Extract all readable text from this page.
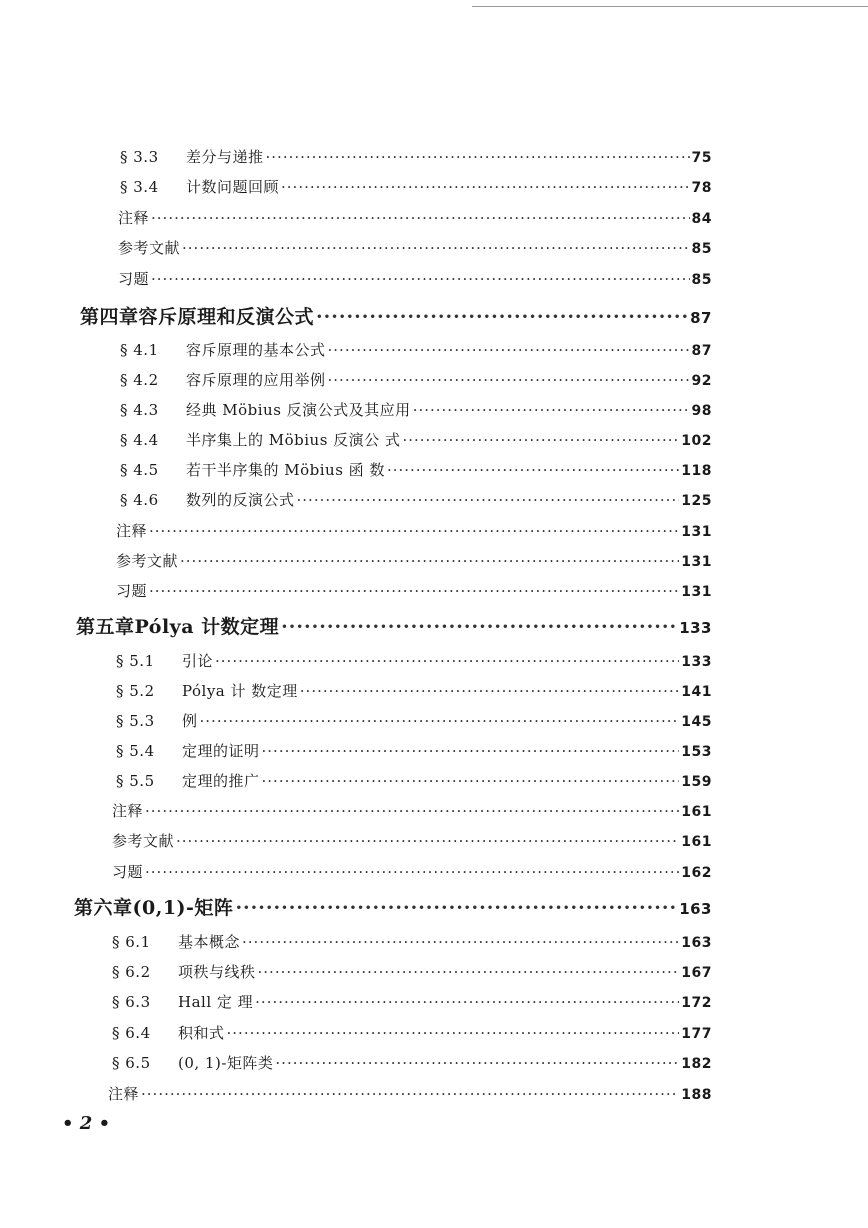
§ 3.3	差分与递推 ·····	75
§ 3.4	计数问题回顾 ·····	78
注释 ·····	84
参考文献 ·····	85
习题 ·····	85
第四章 容斥原理和反演公式 ·····	87
§ 4.1	容斥原理的基本公式 ·····	87
§ 4.2	容斥原理的应用举例 ·····	92
§ 4.3	经典 Möbius 反演公式及其应用 ·····	98
§ 4.4	半序集上的 Möbius 反演公 式 ·····	102
§ 4.5	若干半序集的 Möbius 函 数 ·····	118
§ 4.6	数列的反演公式 ·····	125
注释 ·····	131
参考文献 ·····	131
习题 ·····	131
第五章 Pólya 计数定理 ·····	133
§ 5.1	引论 ·····	133
§ 5.2	Pólya 计 数定理 ·····	141
§ 5.3	例 ·····	145
§ 5.4	定理的证明 ·····	153
§ 5.5	定理的推广 ·····	159
注释 ·····	161
参考文献 ·····	161
习题 ·····	162
第六章 (0,1)-矩阵 ·····	163
§ 6.1	基本概念 ·····	163
§ 6.2	项秩与线秩 ·····	167
§ 6.3	Hall 定 理 ·····	172
§ 6.4	积和式 ·····	177
§ 6.5	(0, 1)-矩阵类 ·····	182
注释 ·····	188
• 2 •
